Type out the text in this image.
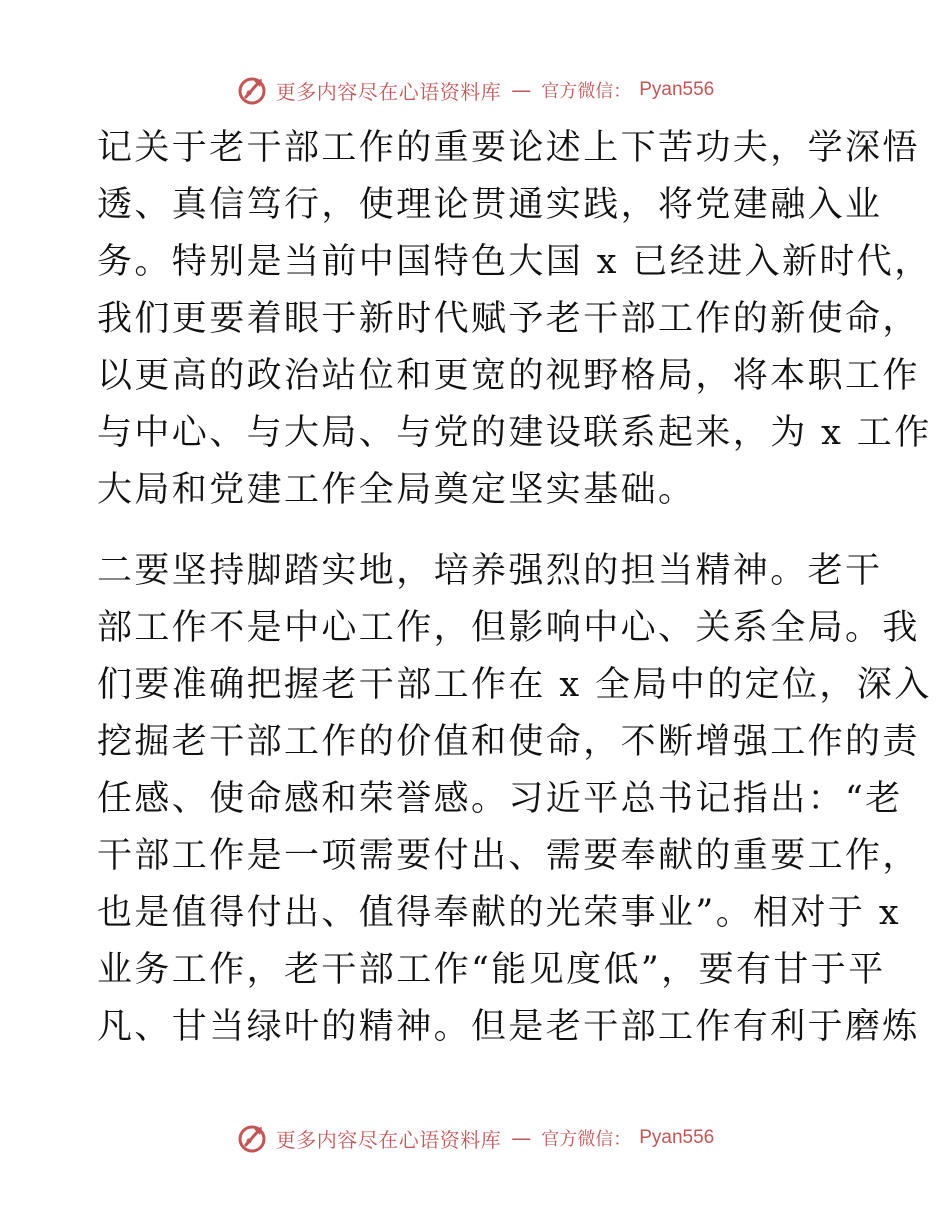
更多内容尽在心语资料库 — 官方微信： Pyan556
记关于老干部工作的重要论述上下苦功夫，学深悟
透、真信笃行，使理论贯通实践，将党建融入业
务。特别是当前中国特色大国 x 已经进入新时代，
我们更要着眼于新时代赋予老干部工作的新使命，
以更高的政治站位和更宽的视野格局，将本职工作
与中心、与大局、与党的建设联系起来，为 x 工作
大局和党建工作全局奠定坚实基础。
二要坚持脚踏实地，培养强烈的担当精神。老干
部工作不是中心工作，但影响中心、关系全局。我
们要准确把握老干部工作在 x 全局中的定位，深入
挖掘老干部工作的价值和使命，不断增强工作的责
任感、使命感和荣誉感。习近平总书记指出：“老
干部工作是一项需要付出、需要奉献的重要工作，
也是值得付出、值得奉献的光荣事业”。相对于 x
业务工作，老干部工作“能见度低”，要有甘于平
凡、甘当绿叶的精神。但是老干部工作有利于磨炼
更多内容尽在心语资料库 — 官方微信： Pyan556
